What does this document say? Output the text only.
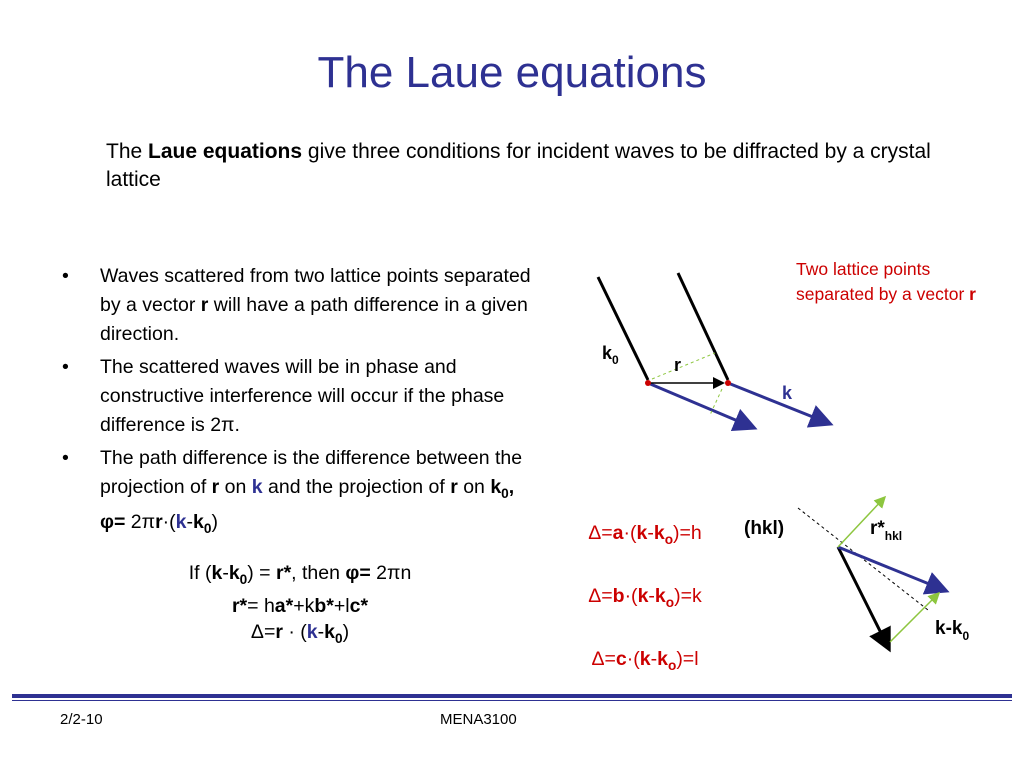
The Laue equations
The Laue equations give three conditions for incident waves to be diffracted by a crystal lattice
• Waves scattered from two lattice points separated by a vector r will have a path difference in a given direction.
• The scattered waves will be in phase and constructive interference will occur if the phase difference is 2π.
• The path difference is the difference between the projection of r on k and the projection of r on $k_0$, $\varphi= 2\pi r\cdot(k-k_0)$
If $(k-k_0) = r*$, then φ= 2πn
r*= ha*+kb*+lc*
$\Delta=r \cdot (k-k_0)$
Two lattice points separated by a vector r
$\Delta=a\cdot(k-k_o)=h$
$\Delta=b\cdot(k-k_o)=k$
$\Delta=c\cdot(k-k_o)=l$
$k_0$	r
k
(hkl)	$r*_{hkl}$
$k-k_0$
2/2-10	MENA3100
